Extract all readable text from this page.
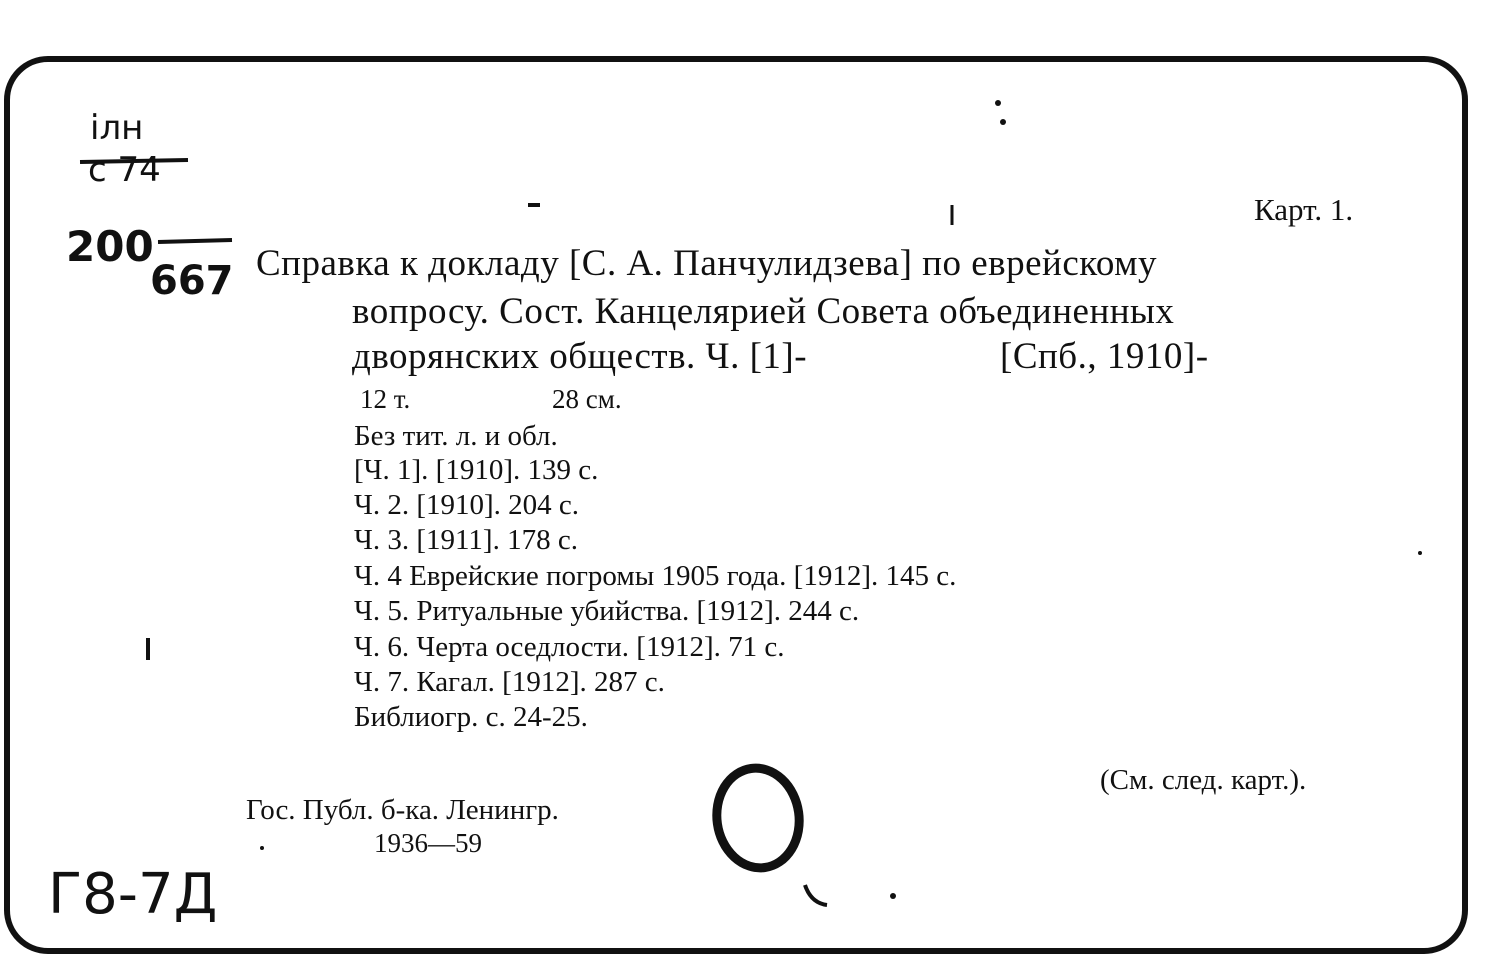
ілн
с 74
200
667
Г8-7Д
Карт. 1.
Справка к докладу [С. А. Панчулидзева] по еврейскому
вопросу. Сост. Канцелярией Совета объединенных
дворянских обществ. Ч. [1]-	[Спб., 1910]-
12 т.	28 см.
Без тит. л. и обл.
[Ч. 1]. [1910]. 139 с.
Ч. 2. [1910]. 204 с.
Ч. 3. [1911]. 178 с.
Ч. 4 Еврейские погромы 1905 года. [1912]. 145 с.
Ч. 5. Ритуальные убийства. [1912]. 244 с.
Ч. 6. Черта оседлости. [1912]. 71 с.
Ч. 7. Кагал. [1912]. 287 с.
Библиогр. с. 24-25.
(См. след. карт.).
Гос. Публ. б-ка. Ленингр.
1936—59
